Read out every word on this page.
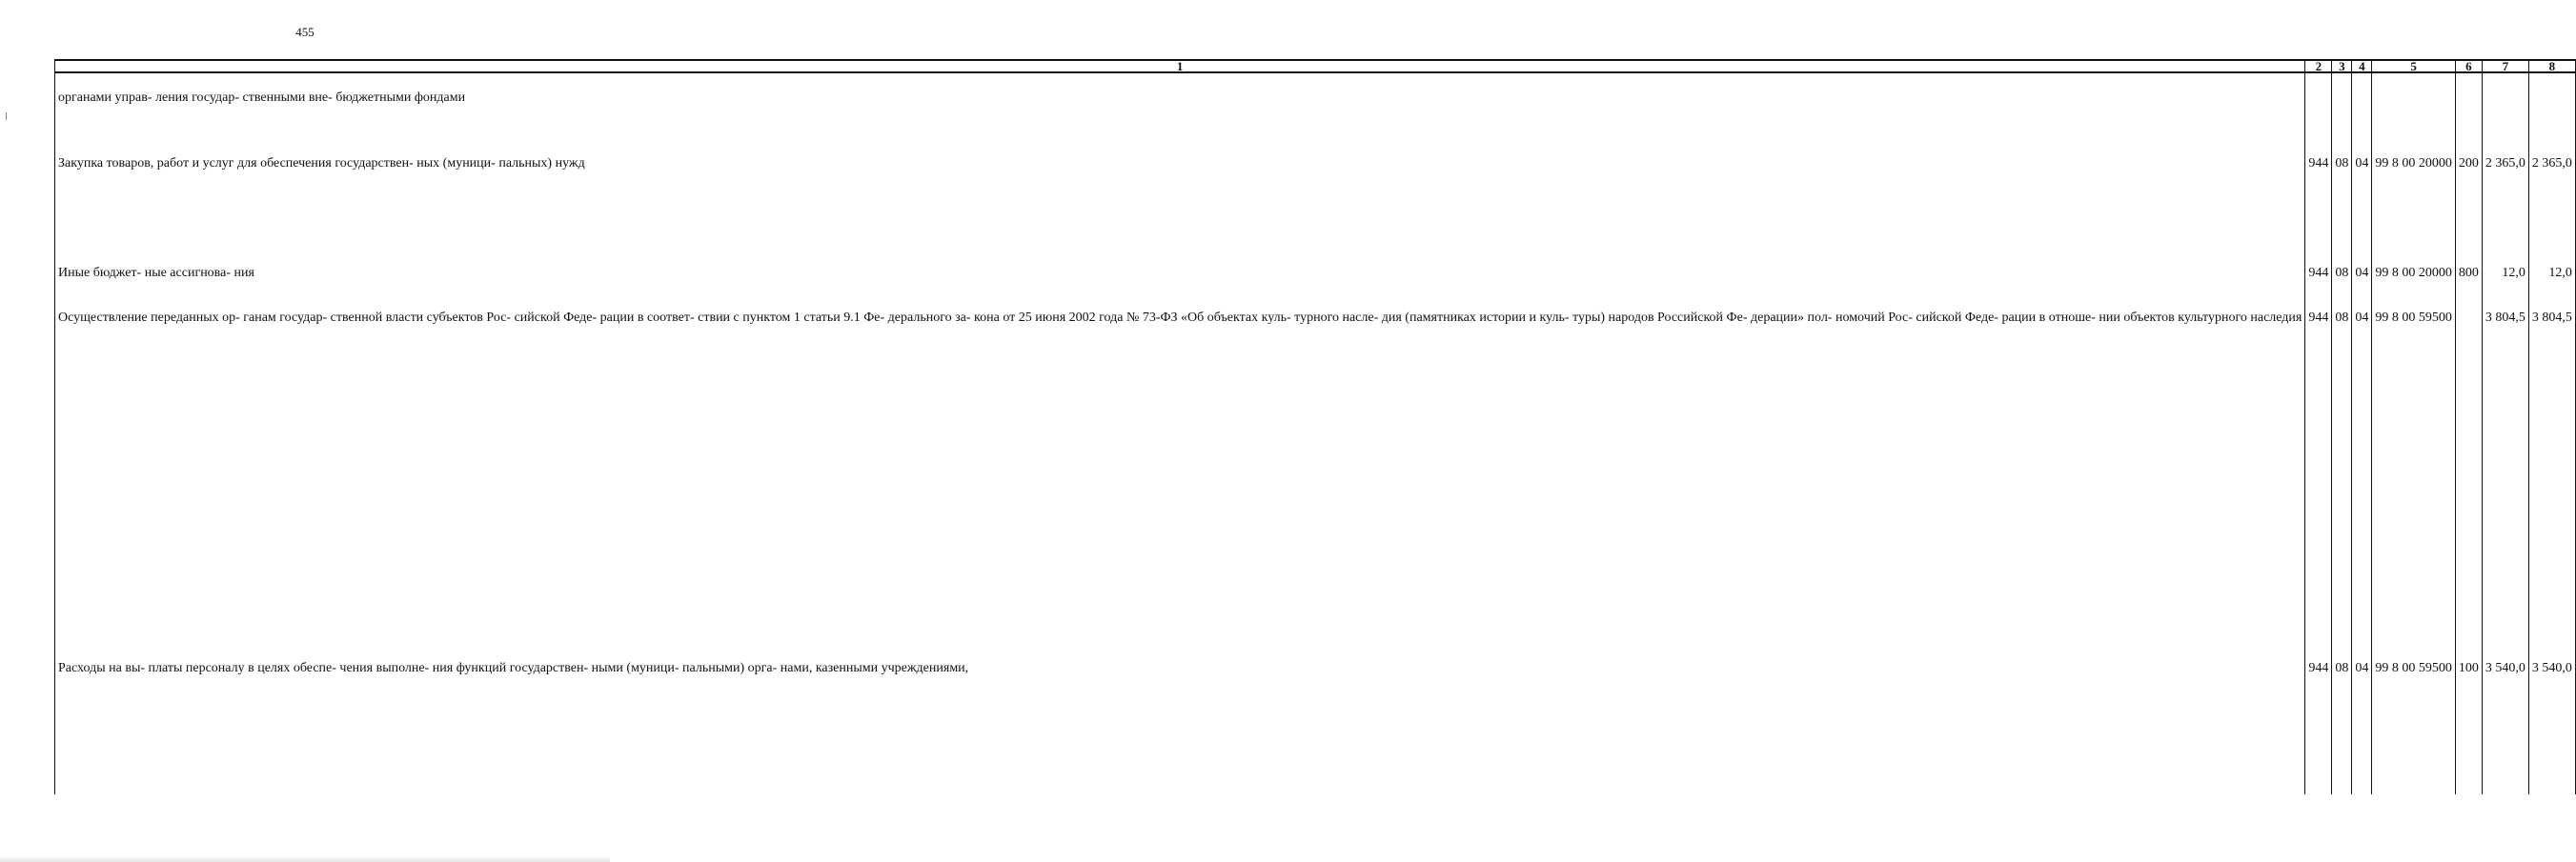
455
1	2	3	4	5	6	7	8
органами управ- ления государ- ственными вне- бюджетными фондами							
Закупка товаров, работ и услуг для обеспечения государствен- ных (муници- пальных) нужд	944	08	04	99 8 00 20000	200	2 365,0	2 365,0
Иные бюджет- ные ассигнова- ния	944	08	04	99 8 00 20000	800	12,0	12,0
Осуществление переданных ор- ганам государ- ственной власти субъектов Рос- сийской Феде- рации в соответ- ствии с пунктом 1 статьи 9.1 Фе- дерального за- кона от 25 июня 2002 года № 73-ФЗ «Об объектах куль- турного насле- дия (памятниках истории и куль- туры) народов Российской Фе- дерации» пол- номочий Рос- сийской Феде- рации в отноше- нии объектов культурного наследия	944	08	04	99 8 00 59500		3 804,5	3 804,5
Расходы на вы- платы персоналу в целях обеспе- чения выполне- ния функций государствен- ными (муници- пальными) орга- нами, казенными учреждениями,	944	08	04	99 8 00 59500	100	3 540,0	3 540,0
